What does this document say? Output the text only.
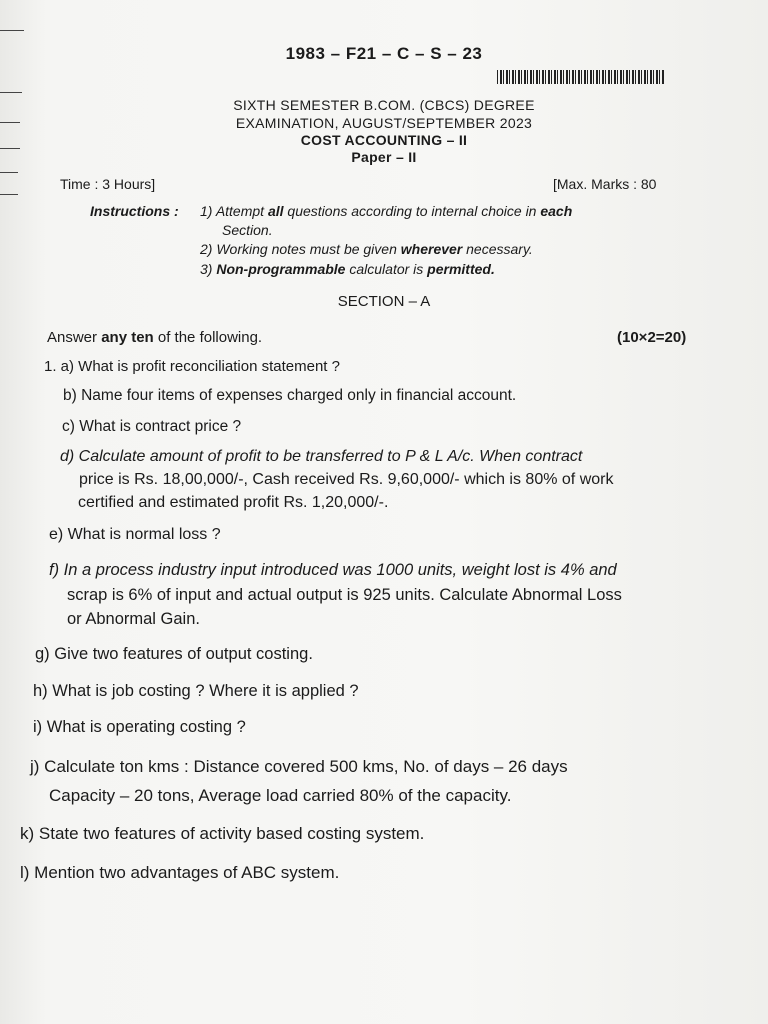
1983 – F21 – C – S – 23
SIXTH SEMESTER B.COM. (CBCS) DEGREE
EXAMINATION, AUGUST/SEPTEMBER 2023
COST ACCOUNTING – II
Paper – II
Time : 3 Hours]	[Max. Marks : 80
Instructions : 1) Attempt all questions according to internal choice in each
Section.
2) Working notes must be given wherever necessary.
3) Non-programmable calculator is permitted.
SECTION – A
Answer any ten of the following.	(10×2=20)
1. a) What is profit reconciliation statement ?
b) Name four items of expenses charged only in financial account.
c) What is contract price ?
d) Calculate amount of profit to be transferred to P & L A/c. When contract
price is Rs. 18,00,000/-, Cash received Rs. 9,60,000/- which is 80% of work
certified and estimated profit Rs. 1,20,000/-.
e) What is normal loss ?
f) In a process industry input introduced was 1000 units, weight lost is 4% and
scrap is 6% of input and actual output is 925 units. Calculate Abnormal Loss
or Abnormal Gain.
g) Give two features of output costing.
h) What is job costing ? Where it is applied ?
i) What is operating costing ?
j) Calculate ton kms : Distance covered 500 kms, No. of days – 26 days
Capacity – 20 tons, Average load carried 80% of the capacity.
k) State two features of activity based costing system.
l) Mention two advantages of ABC system.
